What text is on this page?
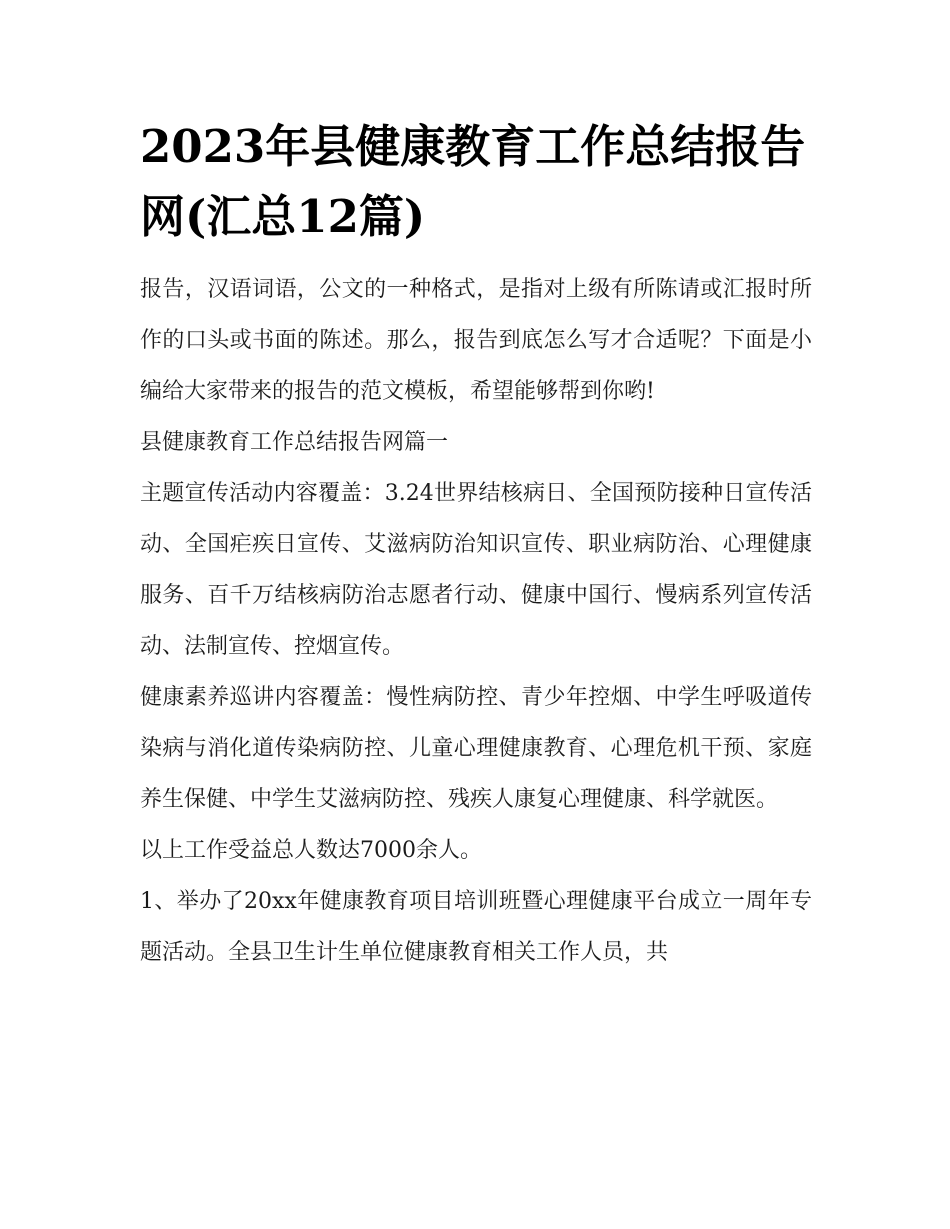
2023年县健康教育工作总结报告网(汇总12篇)

报告，汉语词语，公文的一种格式，是指对上级有所陈请或汇报时所作的口头或书面的陈述。那么，报告到底怎么写才合适呢？下面是小编给大家带来的报告的范文模板，希望能够帮到你哟!

县健康教育工作总结报告网篇一

主题宣传活动内容覆盖：3.24世界结核病日、全国预防接种日宣传活动、全国疟疾日宣传、艾滋病防治知识宣传、职业病防治、心理健康服务、百千万结核病防治志愿者行动、健康中国行、慢病系列宣传活动、法制宣传、控烟宣传。

健康素养巡讲内容覆盖：慢性病防控、青少年控烟、中学生呼吸道传染病与消化道传染病防控、儿童心理健康教育、心理危机干预、家庭养生保健、中学生艾滋病防控、残疾人康复心理健康、科学就医。

以上工作受益总人数达7000余人。

1、举办了20xx年健康教育项目培训班暨心理健康平台成立一周年专题活动。全县卫生计生单位健康教育相关工作人员，共
